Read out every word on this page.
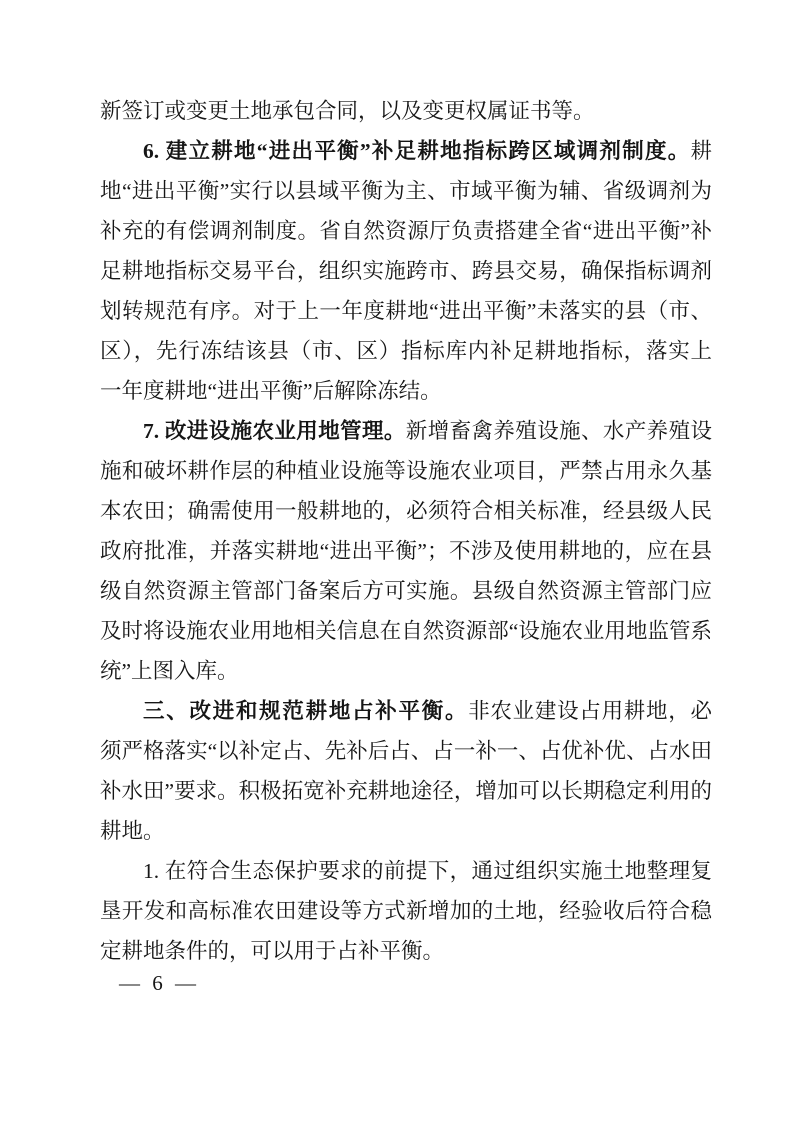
新签订或变更土地承包合同，以及变更权属证书等。

6. 建立耕地“进出平衡”补足耕地指标跨区域调剂制度。耕地“进出平衡”实行以县域平衡为主、市域平衡为辅、省级调剂为补充的有偿调剂制度。省自然资源厅负责搭建全省“进出平衡”补足耕地指标交易平台，组织实施跨市、跨县交易，确保指标调剂划转规范有序。对于上一年度耕地“进出平衡”未落实的县（市、区），先行冻结该县（市、区）指标库内补足耕地指标，落实上一年度耕地“进出平衡”后解除冻结。

7. 改进设施农业用地管理。新增畜禽养殖设施、水产养殖设施和破坏耕作层的种植业设施等设施农业项目，严禁占用永久基本农田；确需使用一般耕地的，必须符合相关标准，经县级人民政府批准，并落实耕地“进出平衡”；不涉及使用耕地的，应在县级自然资源主管部门备案后方可实施。县级自然资源主管部门应及时将设施农业用地相关信息在自然资源部“设施农业用地监管系统”上图入库。

三、改进和规范耕地占补平衡。非农业建设占用耕地，必须严格落实“以补定占、先补后占、占一补一、占优补优、占水田补水田”要求。积极拓宽补充耕地途径，增加可以长期稳定利用的耕地。

1. 在符合生态保护要求的前提下，通过组织实施土地整理复垦开发和高标准农田建设等方式新增加的土地，经验收后符合稳定耕地条件的，可以用于占补平衡。

— 6 —
